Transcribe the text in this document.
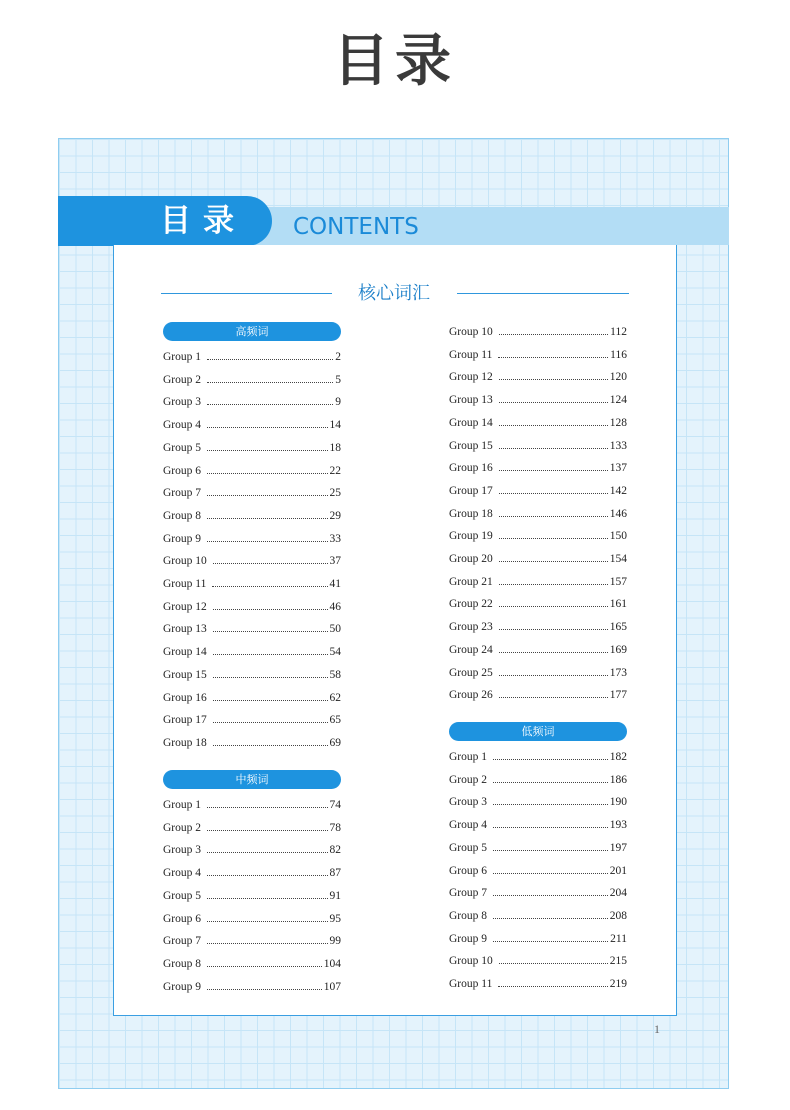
目录
目录	CONTENTS
核心词汇
高频词
Group 1	2
Group 2	5
Group 3	9
Group 4	14
Group 5	18
Group 6	22
Group 7	25
Group 8	29
Group 9	33
Group 10	37
Group 11	41
Group 12	46
Group 13	50
Group 14	54
Group 15	58
Group 16	62
Group 17	65
Group 18	69
中频词
Group 1	74
Group 2	78
Group 3	82
Group 4	87
Group 5	91
Group 6	95
Group 7	99
Group 8	104
Group 9	107
Group 10	112
Group 11	116
Group 12	120
Group 13	124
Group 14	128
Group 15	133
Group 16	137
Group 17	142
Group 18	146
Group 19	150
Group 20	154
Group 21	157
Group 22	161
Group 23	165
Group 24	169
Group 25	173
Group 26	177
低频词
Group 1	182
Group 2	186
Group 3	190
Group 4	193
Group 5	197
Group 6	201
Group 7	204
Group 8	208
Group 9	211
Group 10	215
Group 11	219
1
